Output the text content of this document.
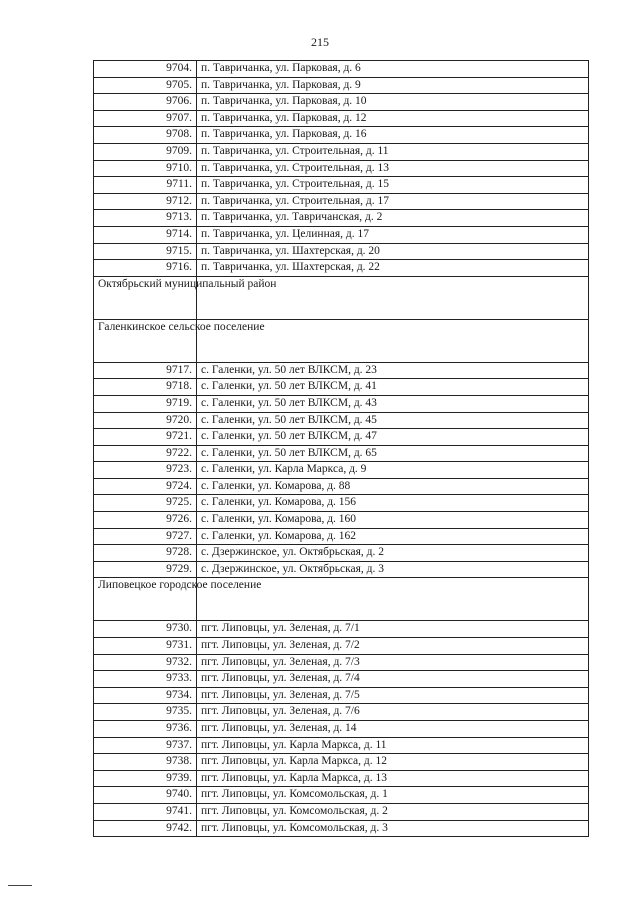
215
9704.	п. Тавричанка, ул. Парковая, д. 6
9705.	п. Тавричанка, ул. Парковая, д. 9
9706.	п. Тавричанка, ул. Парковая, д. 10
9707.	п. Тавричанка, ул. Парковая, д. 12
9708.	п. Тавричанка, ул. Парковая, д. 16
9709.	п. Тавричанка, ул. Строительная, д. 11
9710.	п. Тавричанка, ул. Строительная, д. 13
9711.	п. Тавричанка, ул. Строительная, д. 15
9712.	п. Тавричанка, ул. Строительная, д. 17
9713.	п. Тавричанка, ул. Тавричанская, д. 2
9714.	п. Тавричанка, ул. Целинная, д. 17
9715.	п. Тавричанка, ул. Шахтерская, д. 20
9716.	п. Тавричанка, ул. Шахтерская, д. 22
Октябрьский муниципальный район	
Галенкинское сельское поселение	
9717.	с. Галенки, ул. 50 лет ВЛКСМ, д. 23
9718.	с. Галенки, ул. 50 лет ВЛКСМ, д. 41
9719.	с. Галенки, ул. 50 лет ВЛКСМ, д. 43
9720.	с. Галенки, ул. 50 лет ВЛКСМ, д. 45
9721.	с. Галенки, ул. 50 лет ВЛКСМ, д. 47
9722.	с. Галенки, ул. 50 лет ВЛКСМ, д. 65
9723.	с. Галенки, ул. Карла Маркса, д. 9
9724.	с. Галенки, ул. Комарова, д. 88
9725.	с. Галенки, ул. Комарова, д. 156
9726.	с. Галенки, ул. Комарова, д. 160
9727.	с. Галенки, ул. Комарова, д. 162
9728.	с. Дзержинское, ул. Октябрьская, д. 2
9729.	с. Дзержинское, ул. Октябрьская, д. 3
Липовецкое городское поселение	
9730.	пгт. Липовцы, ул. Зеленая, д. 7/1
9731.	пгт. Липовцы, ул. Зеленая, д. 7/2
9732.	пгт. Липовцы, ул. Зеленая, д. 7/3
9733.	пгт. Липовцы, ул. Зеленая, д. 7/4
9734.	пгт. Липовцы, ул. Зеленая, д. 7/5
9735.	пгт. Липовцы, ул. Зеленая, д. 7/6
9736.	пгт. Липовцы, ул. Зеленая, д. 14
9737.	пгт. Липовцы, ул. Карла Маркса, д. 11
9738.	пгт. Липовцы, ул. Карла Маркса, д. 12
9739.	пгт. Липовцы, ул. Карла Маркса, д. 13
9740.	пгт. Липовцы, ул. Комсомольская, д. 1
9741.	пгт. Липовцы, ул. Комсомольская, д. 2
9742.	пгт. Липовцы, ул. Комсомольская, д. 3
